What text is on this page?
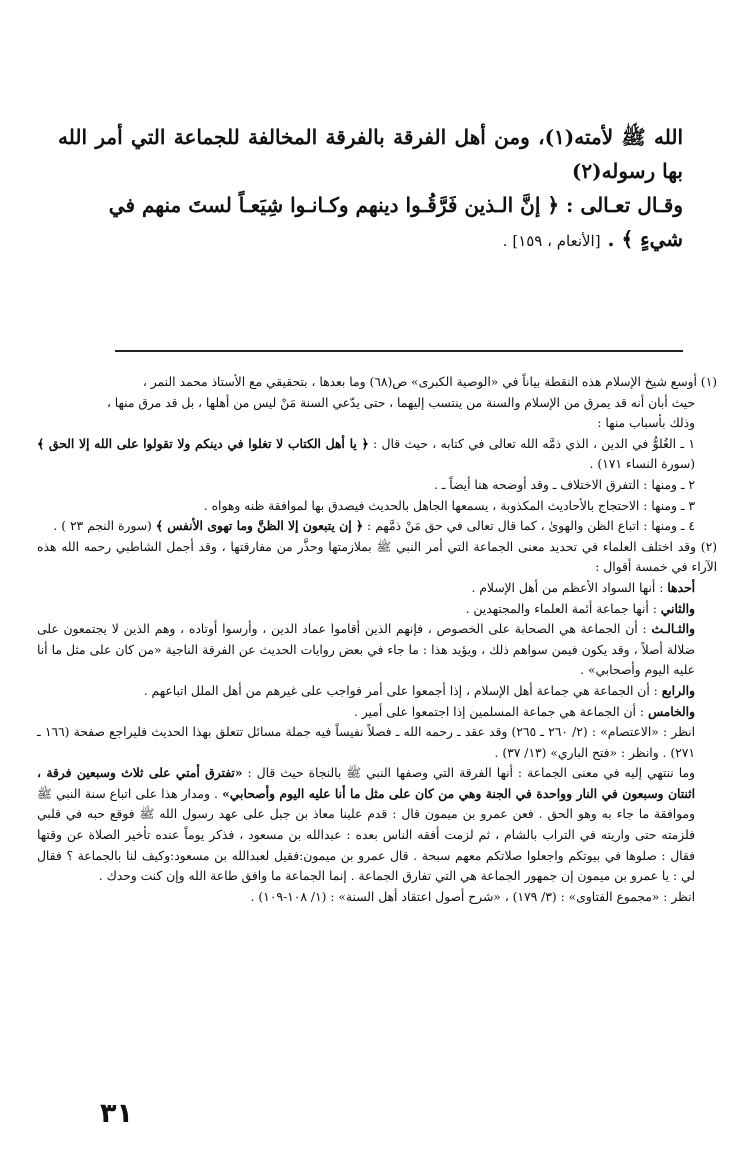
الله ﷺ لأمته(١)، ومن أهل الفرقة بالفرقة المخالفة للجماعة التي أمر الله بها رسوله(٢)

وقـال تعـالى : ﴿ إنَّ الـذين فَرَّقُـوا دينهم وكـانـوا شِيَعـاً لستَ منهم في

شيءٍ ﴾ . [الأنعام ، ١٥٩] .

(١) أوسع شيخ الإسلام هذه النقطة بياناً في «الوصية الكبرى» ص(٦٨) وما بعدها ، بتحقيقي مع الأستاذ محمد النمر ،

حيث أبان أنه قد يمرق من الإسلام والسنة من ينتسب إليهما ، حتى يدّعي السنة مَنْ ليس من أهلها ، بل قد مرق منها ،

وذلك بأسباب منها :

١ ـ الغُلوُّ في الدين ، الذي ذمَّه الله تعالى في كتابه ، حيث قال : ﴿ يا أهل الكتاب لا تغلوا في دينكم ولا تقولوا على الله إلا الحق ﴾ (سورة النساء ١٧١) .

٢ ـ ومنها : التفرق الاختلاف ـ وقد أوضحه هنا أيضاً ـ .

٣ ـ ومنها : الاحتجاج بالأحاديث المكذوبة ، يسمعها الجاهل بالحديث فيصدق بها لموافقة ظنه وهواه .

٤ ـ ومنها : اتباع الظن والهوىٰ ، كما قال تعالى في حق مَنْ ذمَّهم : ﴿ إن يتبعون إلا الظنَّ وما تهوى الأنفس ﴾ (سورة النجم ٢٣ ) .

(٢) وقد اختلف العلماء في تحديد معنى الجماعة التي أمر النبي ﷺ بملازمتها وحذَّر من مفارقتها ، وقد أجمل الشاطبي رحمه الله هذه الآراء في خمسة أقوال :

أحدها : أنها السواد الأعظم من أهل الإسلام .

والثاني : أنها جماعة أئمة العلماء والمجتهدين .

والثـالـث : أن الجماعة هي الصحابة على الخصوص ، فإنهم الذين أقاموا عماد الدين ، وأرسوا أوتاده ، وهم الذين لا يجتمعون على ضلالة أصلاً ، وقد يكون فيمن سواهم ذلك ، ويؤيد هذا : ما جاء في بعض روايات الحديث عن الفرقة الناجية «من كان على مثل ما أنا عليه اليوم وأصحابي» .

والرابع : أن الجماعة هي جماعة أهل الإسلام ، إذا أجمعوا على أمر فواجب على غيرهم من أهل الملل اتباعهم .

والخامس : أن الجماعة هي جماعة المسلمين إذا اجتمعوا على أمير .

انظر : «الاعتصام» : (٢/ ٢٦٠ ـ ٢٦٥) وقد عقد ـ رحمه الله ـ فصلاً نفيساً فيه جملة مسائل تتعلق بهذا الحديث فليراجع صفحة (١٦٦ ـ ٢٧١) . وانظر : «فتح الباري» (١٣/ ٣٧) .

وما ننتهي إليه في معنى الجماعة : أنها الفرقة التي وصفها النبي ﷺ بالنجاة حيث قال : «تفترق أمتي على ثلاث وسبعين فرقة ، اثنتان وسبعون في النار وواحدة في الجنة وهي من كان على مثل ما أنا عليه اليوم وأصحابي» . ومدار هذا على اتباع سنة النبي ﷺ وموافقة ما جاء به وهو الحق . فعن عمرو بن ميمون قال : قدم علينا معاذ بن جبل على عهد رسول الله ﷺ فوقع حبه في قلبي فلزمته حتى واريته في التراب بالشام ، ثم لزمت أفقه الناس بعده : عبدالله بن مسعود ، فذكر يوماً عنده تأخير الصلاة عن وقتها فقال : صلوها في بيوتكم واجعلوا صلاتكم معهم سبحة . قال عمرو بن ميمون:فقيل لعبدالله بن مسعود:وكيف لنا بالجماعة ؟ فقال لي : يا عمرو بن ميمون إن جمهور الجماعة هي التي تفارق الجماعة . إنما الجماعة ما وافق طاعة الله وإن كنت وحدك .

انظر : «مجموع الفتاوى» : (٣/ ١٧٩) ، «شرح أصول اعتقاد أهل السنة» : (١/ ١٠٨-١٠٩) .

٣١
